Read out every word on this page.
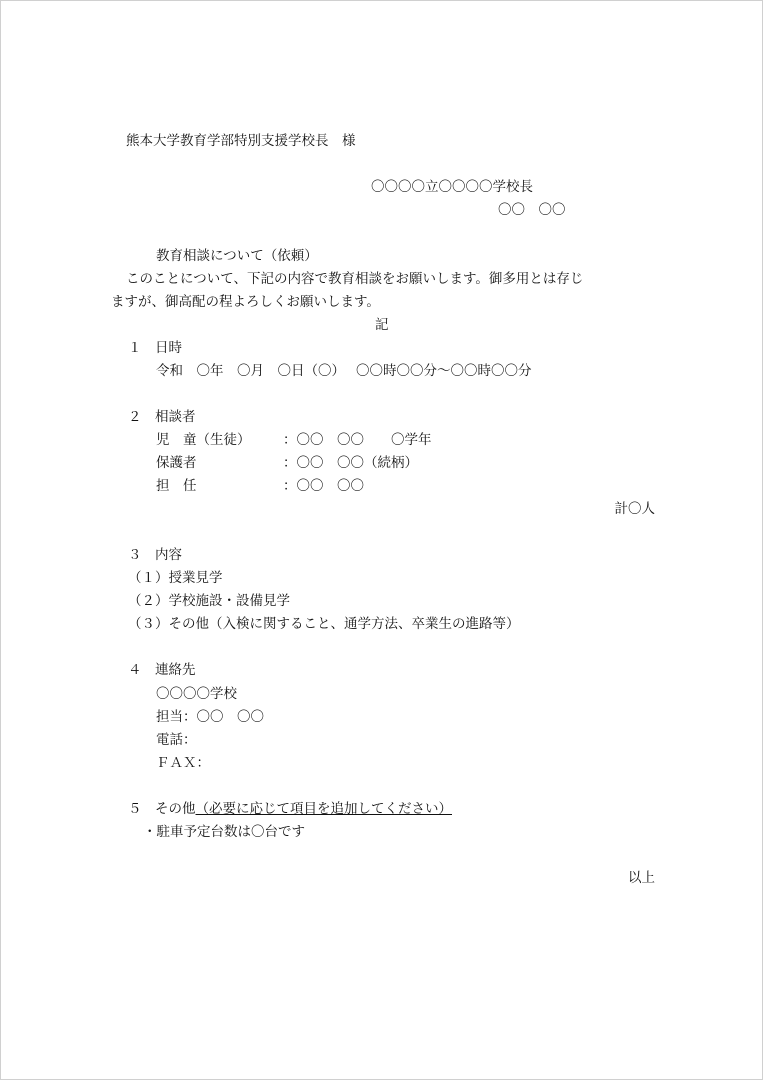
熊本大学教育学部特別支援学校長　様
〇〇〇〇立〇〇〇〇学校長
〇〇　〇〇
教育相談について（依頼）
このことについて、下記の内容で教育相談をお願いします。御多用とは存じ
ますが、御高配の程よろしくお願いします。
記
１　日時
令和　〇年　〇月　〇日（〇）　 〇〇時〇〇分～〇〇時〇〇分
２　相談者
児　童（生徒） ：〇〇　〇〇　　〇学年
保護者	：〇〇　〇〇（続柄）
担　任	：〇〇　〇〇
計〇人
３　内容
（１）授業見学
（２）学校施設・設備見学
（３）その他（入検に関すること、通学方法、卒業生の進路等）
４　連絡先
〇〇〇〇学校
担当：〇〇　〇〇
電話：
ＦＡＸ：
５　その他（必要に応じて項目を追加してください）
・駐車予定台数は〇台です
以上
